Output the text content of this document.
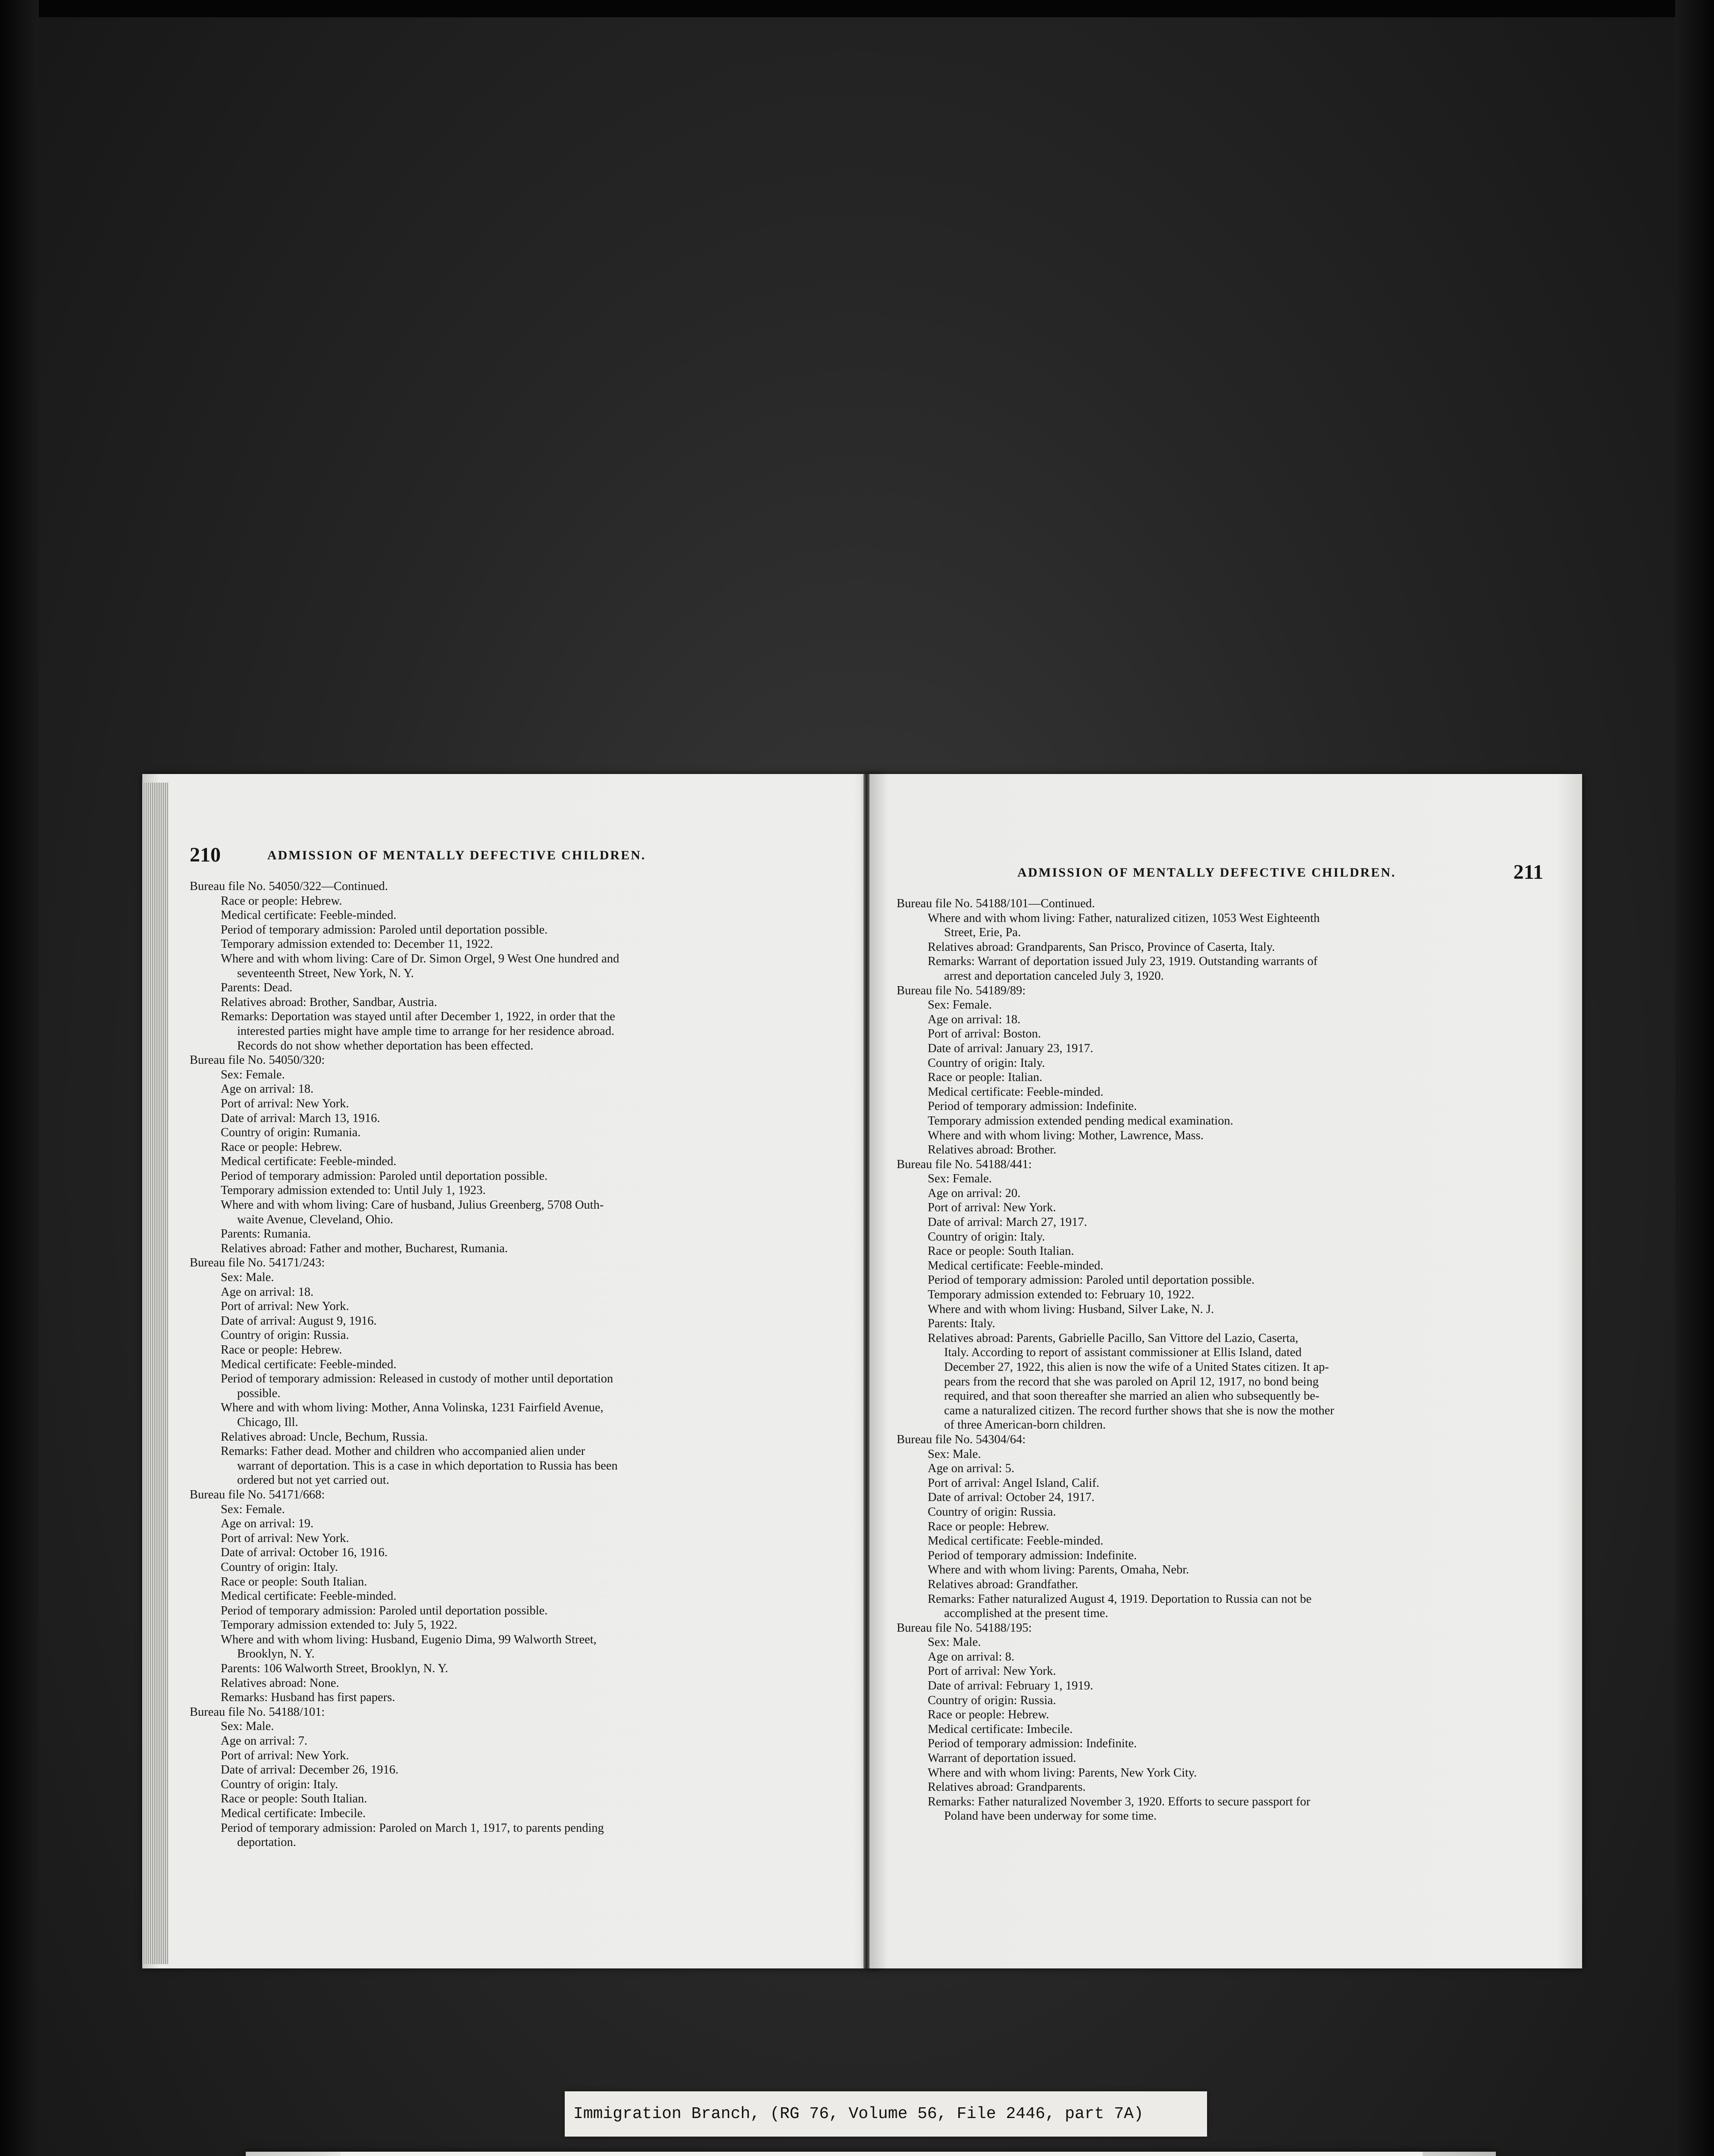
210	ADMISSION OF MENTALLY DEFECTIVE CHILDREN.
Bureau file No. 54050/322—Continued.
Race or people: Hebrew.
Medical certificate: Feeble-minded.
Period of temporary admission: Paroled until deportation possible.
Temporary admission extended to: December 11, 1922.
Where and with whom living: Care of Dr. Simon Orgel, 9 West One hundred and
seventeenth Street, New York, N. Y.
Parents: Dead.
Relatives abroad: Brother, Sandbar, Austria.
Remarks: Deportation was stayed until after December 1, 1922, in order that the
interested parties might have ample time to arrange for her residence abroad.
Records do not show whether deportation has been effected.
Bureau file No. 54050/320:
Sex: Female.
Age on arrival: 18.
Port of arrival: New York.
Date of arrival: March 13, 1916.
Country of origin: Rumania.
Race or people: Hebrew.
Medical certificate: Feeble-minded.
Period of temporary admission: Paroled until deportation possible.
Temporary admission extended to: Until July 1, 1923.
Where and with whom living: Care of husband, Julius Greenberg, 5708 Outh-
waite Avenue, Cleveland, Ohio.
Parents: Rumania.
Relatives abroad: Father and mother, Bucharest, Rumania.
Bureau file No. 54171/243:
Sex: Male.
Age on arrival: 18.
Port of arrival: New York.
Date of arrival: August 9, 1916.
Country of origin: Russia.
Race or people: Hebrew.
Medical certificate: Feeble-minded.
Period of temporary admission: Released in custody of mother until deportation
possible.
Where and with whom living: Mother, Anna Volinska, 1231 Fairfield Avenue,
Chicago, Ill.
Relatives abroad: Uncle, Bechum, Russia.
Remarks: Father dead. Mother and children who accompanied alien under
warrant of deportation. This is a case in which deportation to Russia has been
ordered but not yet carried out.
Bureau file No. 54171/668:
Sex: Female.
Age on arrival: 19.
Port of arrival: New York.
Date of arrival: October 16, 1916.
Country of origin: Italy.
Race or people: South Italian.
Medical certificate: Feeble-minded.
Period of temporary admission: Paroled until deportation possible.
Temporary admission extended to: July 5, 1922.
Where and with whom living: Husband, Eugenio Dima, 99 Walworth Street,
Brooklyn, N. Y.
Parents: 106 Walworth Street, Brooklyn, N. Y.
Relatives abroad: None.
Remarks: Husband has first papers.
Bureau file No. 54188/101:
Sex: Male.
Age on arrival: 7.
Port of arrival: New York.
Date of arrival: December 26, 1916.
Country of origin: Italy.
Race or people: South Italian.
Medical certificate: Imbecile.
Period of temporary admission: Paroled on March 1, 1917, to parents pending
deportation.
ADMISSION OF MENTALLY DEFECTIVE CHILDREN.	211
Bureau file No. 54188/101—Continued.
Where and with whom living: Father, naturalized citizen, 1053 West Eighteenth
Street, Erie, Pa.
Relatives abroad: Grandparents, San Prisco, Province of Caserta, Italy.
Remarks: Warrant of deportation issued July 23, 1919. Outstanding warrants of
arrest and deportation canceled July 3, 1920.
Bureau file No. 54189/89:
Sex: Female.
Age on arrival: 18.
Port of arrival: Boston.
Date of arrival: January 23, 1917.
Country of origin: Italy.
Race or people: Italian.
Medical certificate: Feeble-minded.
Period of temporary admission: Indefinite.
Temporary admission extended pending medical examination.
Where and with whom living: Mother, Lawrence, Mass.
Relatives abroad: Brother.
Bureau file No. 54188/441:
Sex: Female.
Age on arrival: 20.
Port of arrival: New York.
Date of arrival: March 27, 1917.
Country of origin: Italy.
Race or people: South Italian.
Medical certificate: Feeble-minded.
Period of temporary admission: Paroled until deportation possible.
Temporary admission extended to: February 10, 1922.
Where and with whom living: Husband, Silver Lake, N. J.
Parents: Italy.
Relatives abroad: Parents, Gabrielle Pacillo, San Vittore del Lazio, Caserta,
Italy. According to report of assistant commissioner at Ellis Island, dated
December 27, 1922, this alien is now the wife of a United States citizen. It ap-
pears from the record that she was paroled on April 12, 1917, no bond being
required, and that soon thereafter she married an alien who subsequently be-
came a naturalized citizen. The record further shows that she is now the mother
of three American-born children.
Bureau file No. 54304/64:
Sex: Male.
Age on arrival: 5.
Port of arrival: Angel Island, Calif.
Date of arrival: October 24, 1917.
Country of origin: Russia.
Race or people: Hebrew.
Medical certificate: Feeble-minded.
Period of temporary admission: Indefinite.
Where and with whom living: Parents, Omaha, Nebr.
Relatives abroad: Grandfather.
Remarks: Father naturalized August 4, 1919. Deportation to Russia can not be
accomplished at the present time.
Bureau file No. 54188/195:
Sex: Male.
Age on arrival: 8.
Port of arrival: New York.
Date of arrival: February 1, 1919.
Country of origin: Russia.
Race or people: Hebrew.
Medical certificate: Imbecile.
Period of temporary admission: Indefinite.
Warrant of deportation issued.
Where and with whom living: Parents, New York City.
Relatives abroad: Grandparents.
Remarks: Father naturalized November 3, 1920. Efforts to secure passport for
Poland have been underway for some time.
Immigration Branch, (RG 76, Volume 56, File 2446, part 7A)
